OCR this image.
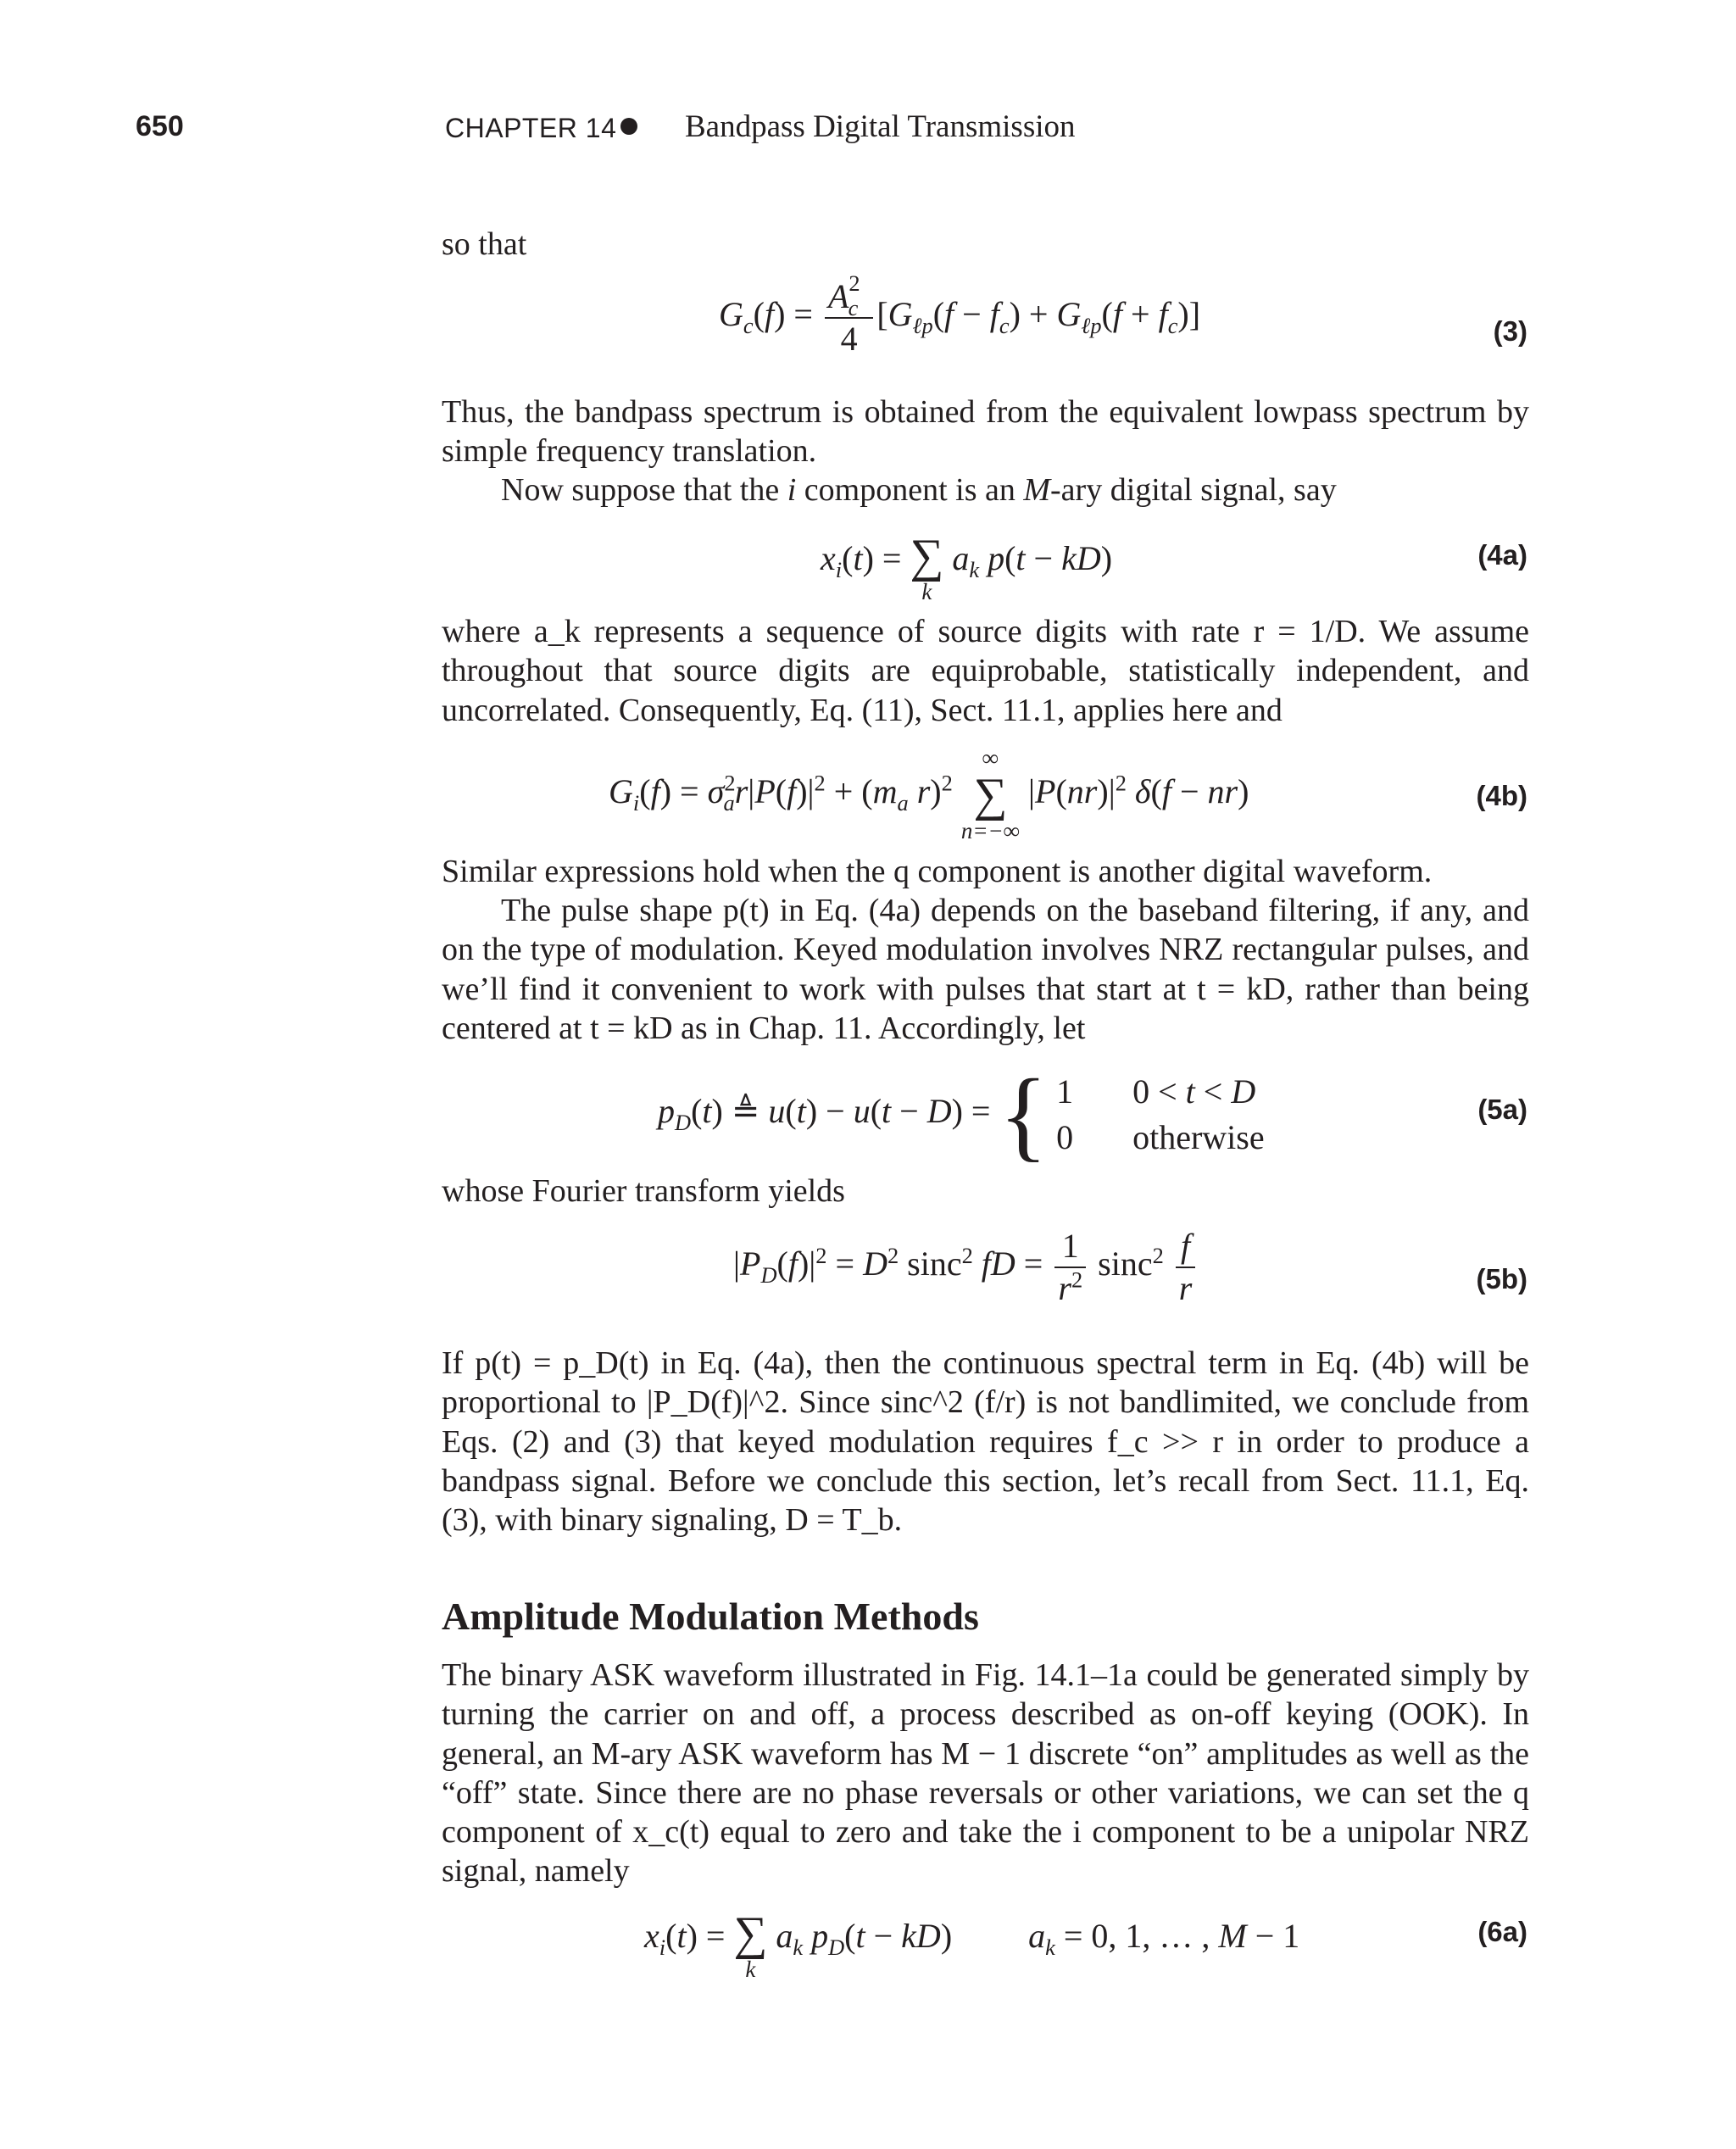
650	CHAPTER 14 Bandpass Digital Transmission
so that
$G_c(f) = \frac{A^2_c}{4} [G_{\ell p}(f - f_c) + G_{\ell p}(f + f_c)]$	(3)
Thus, the bandpass spectrum is obtained from the equivalent lowpass spectrum by simple frequency translation.
Now suppose that the i component is an M-ary digital signal, say
$x_i(t)$ = ∑
k
$a_k$ p(t − kD)	(4a)
where a_k represents a sequence of source digits with rate r = 1/D. We assume throughout that source digits are equiprobable, statistically independent, and uncorrelated. Consequently, Eq. (11), Sect. 11.1, applies here and
$G_i(f) = \sigma^2_ar|P(f)|^2 + (m_a$ r)$^2$
∞
∑
n=−∞
$|P(nr)|^2$ δ(f − nr)	(4b)
Similar expressions hold when the q component is another digital waveform.
The pulse shape p(t) in Eq. (4a) depends on the baseband filtering, if any, and on the type of modulation. Keyed modulation involves NRZ rectangular pulses, and we’ll find it convenient to work with pulses that start at t = kD, rather than being centered at t = kD as in Chap. 11. Accordingly, let
$p_D(t)$ ≜ u(t) − u(t − D) = { 1       0 < t < D
0       otherwise
(5a)
whose Fourier transform yields
$|P_D(f)|^2 = D^2$ sinc$^2$ fD = $\frac{1}{r^2} \sin c^2 \frac{f}{r}$	(5b)
If p(t) = p_D(t) in Eq. (4a), then the continuous spectral term in Eq. (4b) will be proportional to |P_D(f)|^2. Since sinc^2 (f/r) is not bandlimited, we conclude from Eqs. (2) and (3) that keyed modulation requires f_c >> r in order to produce a bandpass signal. Before we conclude this section, let’s recall from Sect. 11.1, Eq. (3), with binary signaling, D = T_b.
Amplitude Modulation Methods
The binary ASK waveform illustrated in Fig. 14.1–1a could be generated simply by turning the carrier on and off, a process described as on-off keying (OOK). In general, an M-ary ASK waveform has M − 1 discrete “on” amplitudes as well as the “off” state. Since there are no phase reversals or other variations, we can set the q component of x_c(t) equal to zero and take the i component to be a unipolar NRZ signal, namely
$x_i(t)$ = ∑
k
$a_k$ $p_D(t - kD) a_k = 0$, 1, … , M − 1	(6a)
